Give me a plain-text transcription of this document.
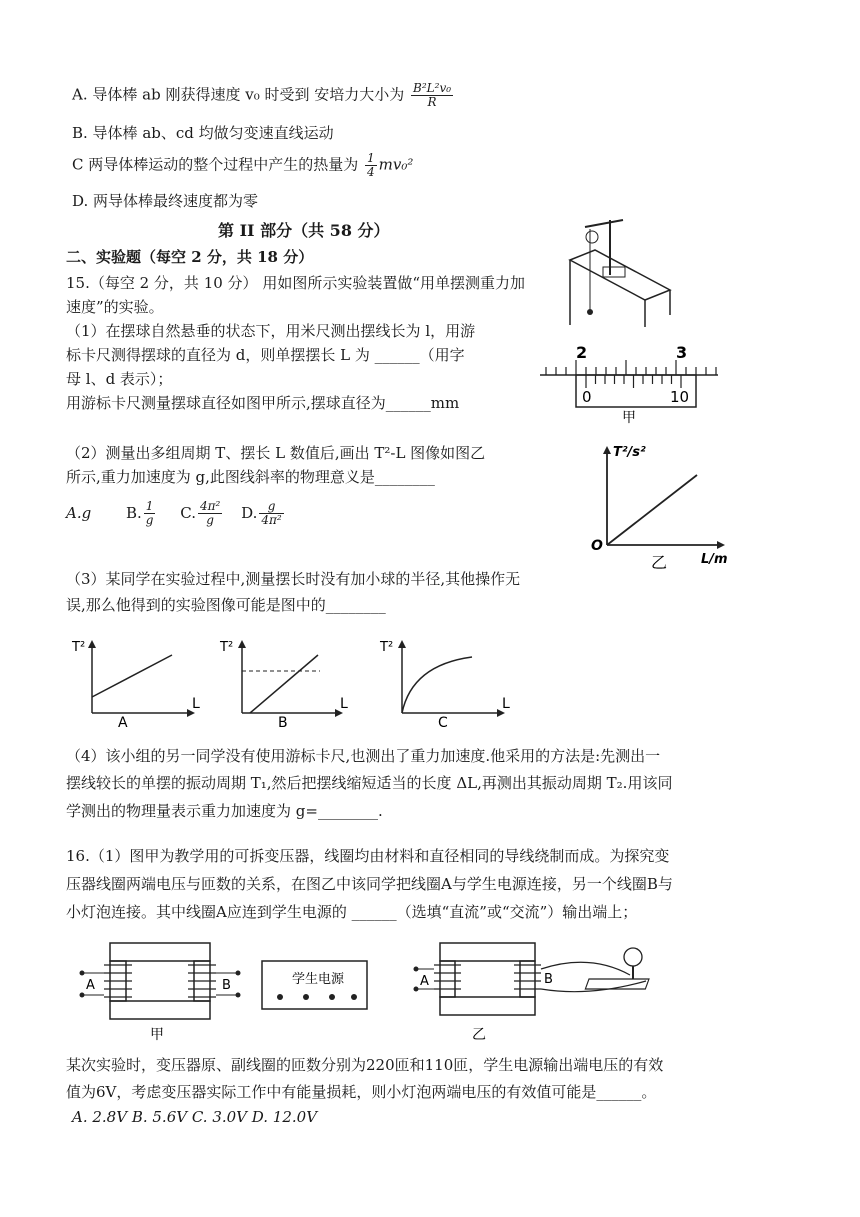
A. 导体棒 ab 刚获得速度 v₀ 时受到 安培力大小为 $\frac{\text{B²L²v₀}}{R}$
B. 导体棒 ab、cd 均做匀变速直线运动
C 两导体棒运动的整个过程中产生的热量为 $\frac{1}{4} mv_0^2$
D. 两导体棒最终速度都为零
第 II 部分（共 58 分）
二、实验题（每空 2 分，共 18 分）
15.（每空 2 分，共 10 分） 用如图所示实验装置做“用单摆测重力加
速度”的实验。
（1）在摆球自然悬垂的状态下，用米尺测出摆线长为 l，用游
标卡尺测得摆球的直径为 d，则单摆摆长 L 为 ______（用字
母 l、d 表示）；
用游标卡尺测量摆球直径如图甲所示,摆球直径为______mm
（2）测量出多组周期 T、摆长 L 数值后,画出 T²-L 图像如图乙
所示,重力加速度为 g,此图线斜率的物理意义是________
A.g B. $\frac{1}{g} C$. $\frac{\text{4π²}}{g} D$. $\frac{g}{\text{4π²}}$
（3）某同学在实验过程中,测量摆长时没有加小球的半径,其他操作无
误,那么他得到的实验图像可能是图中的________
（4）该小组的另一同学没有使用游标卡尺,也测出了重力加速度.他采用的方法是:先测出一
摆线较长的单摆的振动周期 T₁,然后把摆线缩短适当的长度 ΔL,再测出其振动周期 T₂.用该同
学测出的物理量表示重力加速度为 g=________.
2	3
0	10
甲
T²/s²
O
L/m
乙
T²
L
A
T²
L
B
T²
L
C
16.（1）图甲为教学用的可拆变压器，线圈均由材料和直径相同的导线绕制而成。为探究变
压器线圈两端电压与匝数的关系，在图乙中该同学把线圈A与学生电源连接，另一个线圈B与
小灯泡连接。其中线圈A应连到学生电源的 ______（选填“直流”或“交流”）输出端上；
A	B
甲
学生电源	A	B
乙
某次实验时，变压器原、副线圈的匝数分别为220匝和110匝，学生电源输出端电压的有效
值为6V，考虑变压器实际工作中有能量损耗，则小灯泡两端电压的有效值可能是______。
A. 2.8V B. 5.6V C. 3.0V D. 12.0V
